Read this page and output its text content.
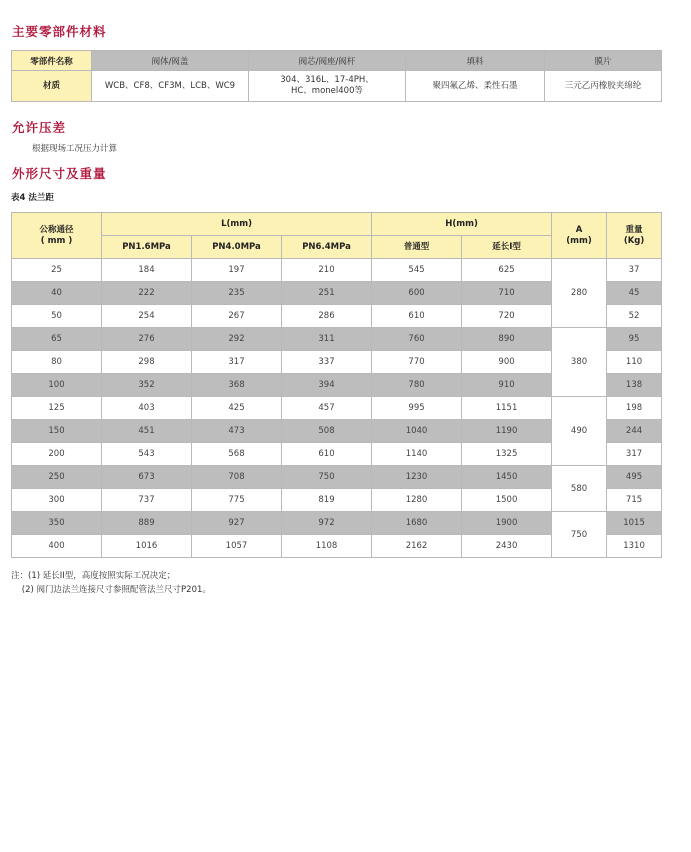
主要零部件材料
零部件名称	阀体/阀盖	阀芯/阀座/阀杆	填料	膜片
材质	WCB、CF8、CF3M、LCB、WC9	304、316L、17-4PH、
HC、monel400等	聚四氟乙烯、柔性石墨	三元乙丙橡胶夹绵纶
允许压差

根据现场工况压力计算

外形尺寸及重量

表4 法兰距

公称通径
( mm )	L(mm)			H(mm)		A
(mm)	重量
(Kg)
	PN1.6MPa	PN4.0MPa	PN6.4MPa	普通型	延长I型		
25	184	197	210	545	625	280	37
40	222	235	251	600	710		45
50	254	267	286	610	720		52
65	276	292	311	760	890	380	95
80	298	317	337	770	900		110
100	352	368	394	780	910		138
125	403	425	457	995	1151	490	198
150	451	473	508	1040	1190		244
200	543	568	610	1140	1325		317
250	673	708	750	1230	1450	580	495
300	737	775	819	1280	1500		715
350	889	927	972	1680	1900	750	1015
400	1016	1057	1108	2162	2430		1310

注：(1) 延长II型，高度按照实际工况决定；

(2) 阀门边法兰连接尺寸参照配管法兰尺寸P201。
